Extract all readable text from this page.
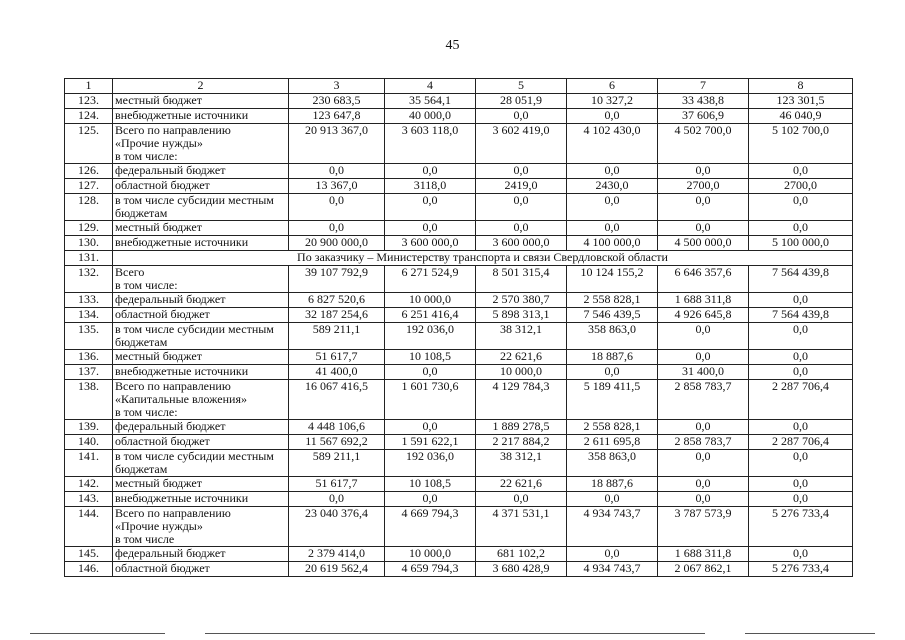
45
1	2	3	4	5	6	7	8
123.	местный бюджет	230 683,5	35 564,1	28 051,9	10 327,2	33 438,8	123 301,5
124.	внебюджетные источники	123 647,8	40 000,0	0,0	0,0	37 606,9	46 040,9
125.	Всего по направлению
«Прочие нужды»
в том числе:	20 913 367,0	3 603 118,0	3 602 419,0	4 102 430,0	4 502 700,0	5 102 700,0
126.	федеральный бюджет	0,0	0,0	0,0	0,0	0,0	0,0
127.	областной бюджет	13 367,0	3118,0	2419,0	2430,0	2700,0	2700,0
128.	в том числе субсидии местным
бюджетам	0,0	0,0	0,0	0,0	0,0	0,0
129.	местный бюджет	0,0	0,0	0,0	0,0	0,0	0,0
130.	внебюджетные источники	20 900 000,0	3 600 000,0	3 600 000,0	4 100 000,0	4 500 000,0	5 100 000,0
131.	По заказчику – Министерству транспорта и связи Свердловской области						
132.	Всего
в том числе:	39 107 792,9	6 271 524,9	8 501 315,4	10 124 155,2	6 646 357,6	7 564 439,8
133.	федеральный бюджет	6 827 520,6	10 000,0	2 570 380,7	2 558 828,1	1 688 311,8	0,0
134.	областной бюджет	32 187 254,6	6 251 416,4	5 898 313,1	7 546 439,5	4 926 645,8	7 564 439,8
135.	в том числе субсидии местным
бюджетам	589 211,1	192 036,0	38 312,1	358 863,0	0,0	0,0
136.	местный бюджет	51 617,7	10 108,5	22 621,6	18 887,6	0,0	0,0
137.	внебюджетные источники	41 400,0	0,0	10 000,0	0,0	31 400,0	0,0
138.	Всего по направлению
«Капитальные вложения»
в том числе:	16 067 416,5	1 601 730,6	4 129 784,3	5 189 411,5	2 858 783,7	2 287 706,4
139.	федеральный бюджет	4 448 106,6	0,0	1 889 278,5	2 558 828,1	0,0	0,0
140.	областной бюджет	11 567 692,2	1 591 622,1	2 217 884,2	2 611 695,8	2 858 783,7	2 287 706,4
141.	в том числе субсидии местным
бюджетам	589 211,1	192 036,0	38 312,1	358 863,0	0,0	0,0
142.	местный бюджет	51 617,7	10 108,5	22 621,6	18 887,6	0,0	0,0
143.	внебюджетные источники	0,0	0,0	0,0	0,0	0,0	0,0
144.	Всего по направлению
«Прочие нужды»
в том числе	23 040 376,4	4 669 794,3	4 371 531,1	4 934 743,7	3 787 573,9	5 276 733,4
145.	федеральный бюджет	2 379 414,0	10 000,0	681 102,2	0,0	1 688 311,8	0,0
146.	областной бюджет	20 619 562,4	4 659 794,3	3 680 428,9	4 934 743,7	2 067 862,1	5 276 733,4
